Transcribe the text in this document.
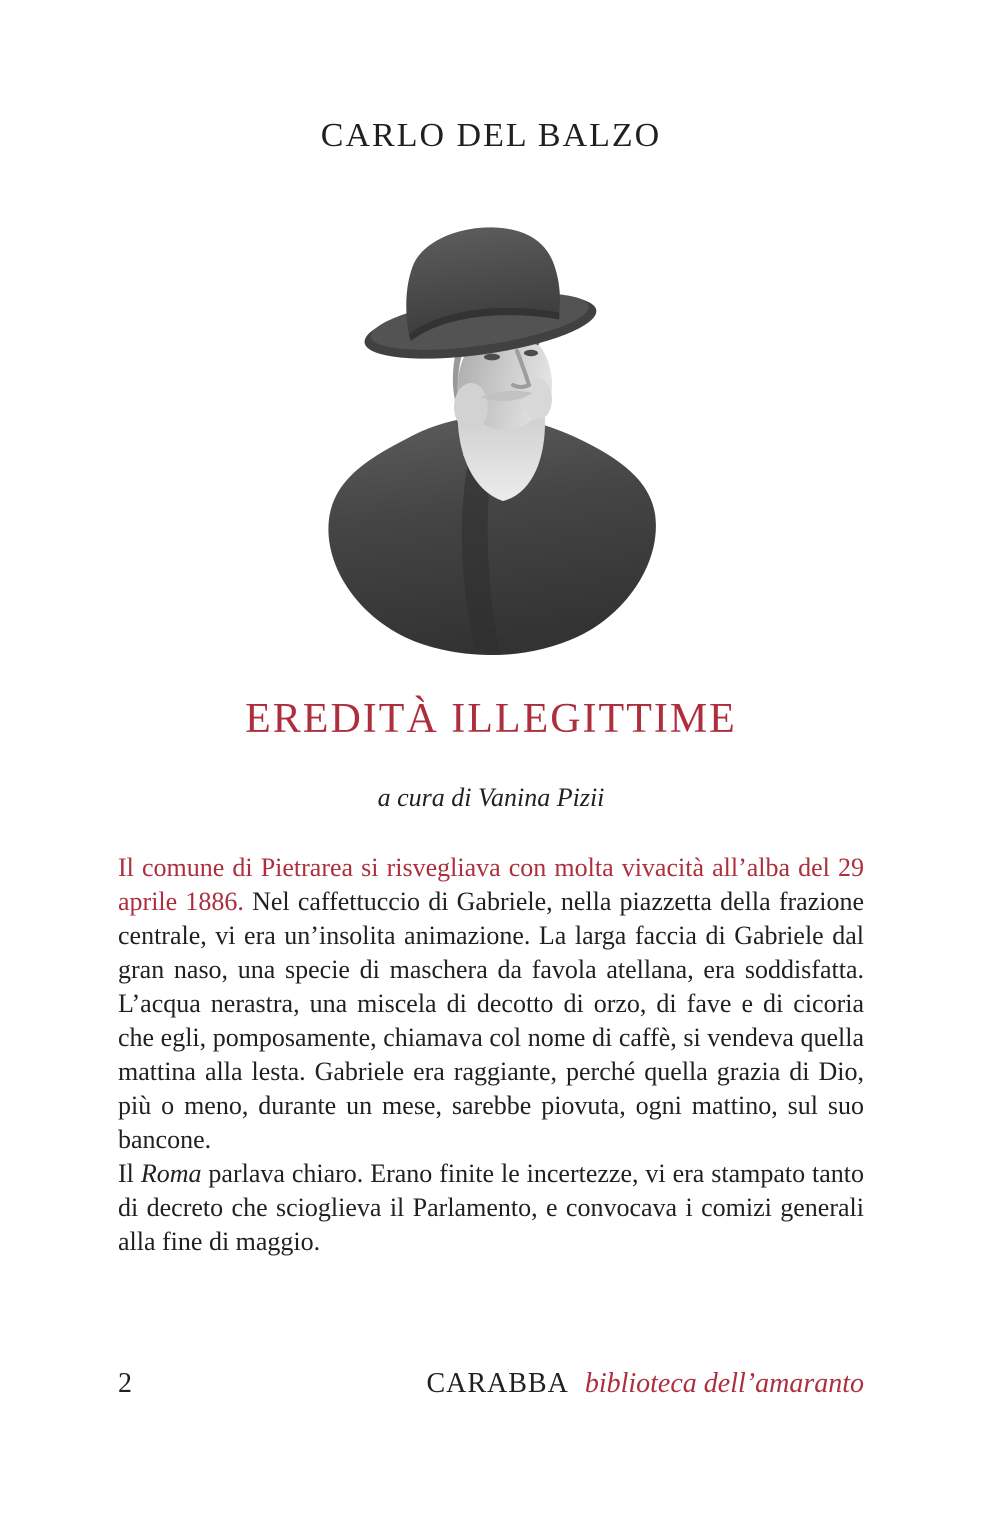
CARLO DEL BALZO
EREDITÀ ILLEGITTIME
a cura di Vanina Pizii

Il comune di Pietrarea si risvegliava con molta vivacità all’alba del 29 aprile 1886. Nel caffettuccio di Gabriele, nella piazzetta della frazione centrale, vi era un’insolita animazione. La larga faccia di Gabriele dal gran naso, una specie di maschera da favola atellana, era soddisfatta. L’acqua nerastra, una miscela di decotto di orzo, di fave e di cicoria che egli, pomposamente, chiamava col nome di caffè, si vendeva quella mattina alla lesta. Gabriele era raggiante, perché quella grazia di Dio, più o meno, durante un mese, sarebbe piovuta, ogni mattino, sul suo bancone.

Il Roma parlava chiaro. Erano finite le incertezze, vi era stampato tanto di decreto che scioglieva il Parlamento, e convocava i comizi generali alla fine di maggio.

2	CARABBA biblioteca dell’amaranto
